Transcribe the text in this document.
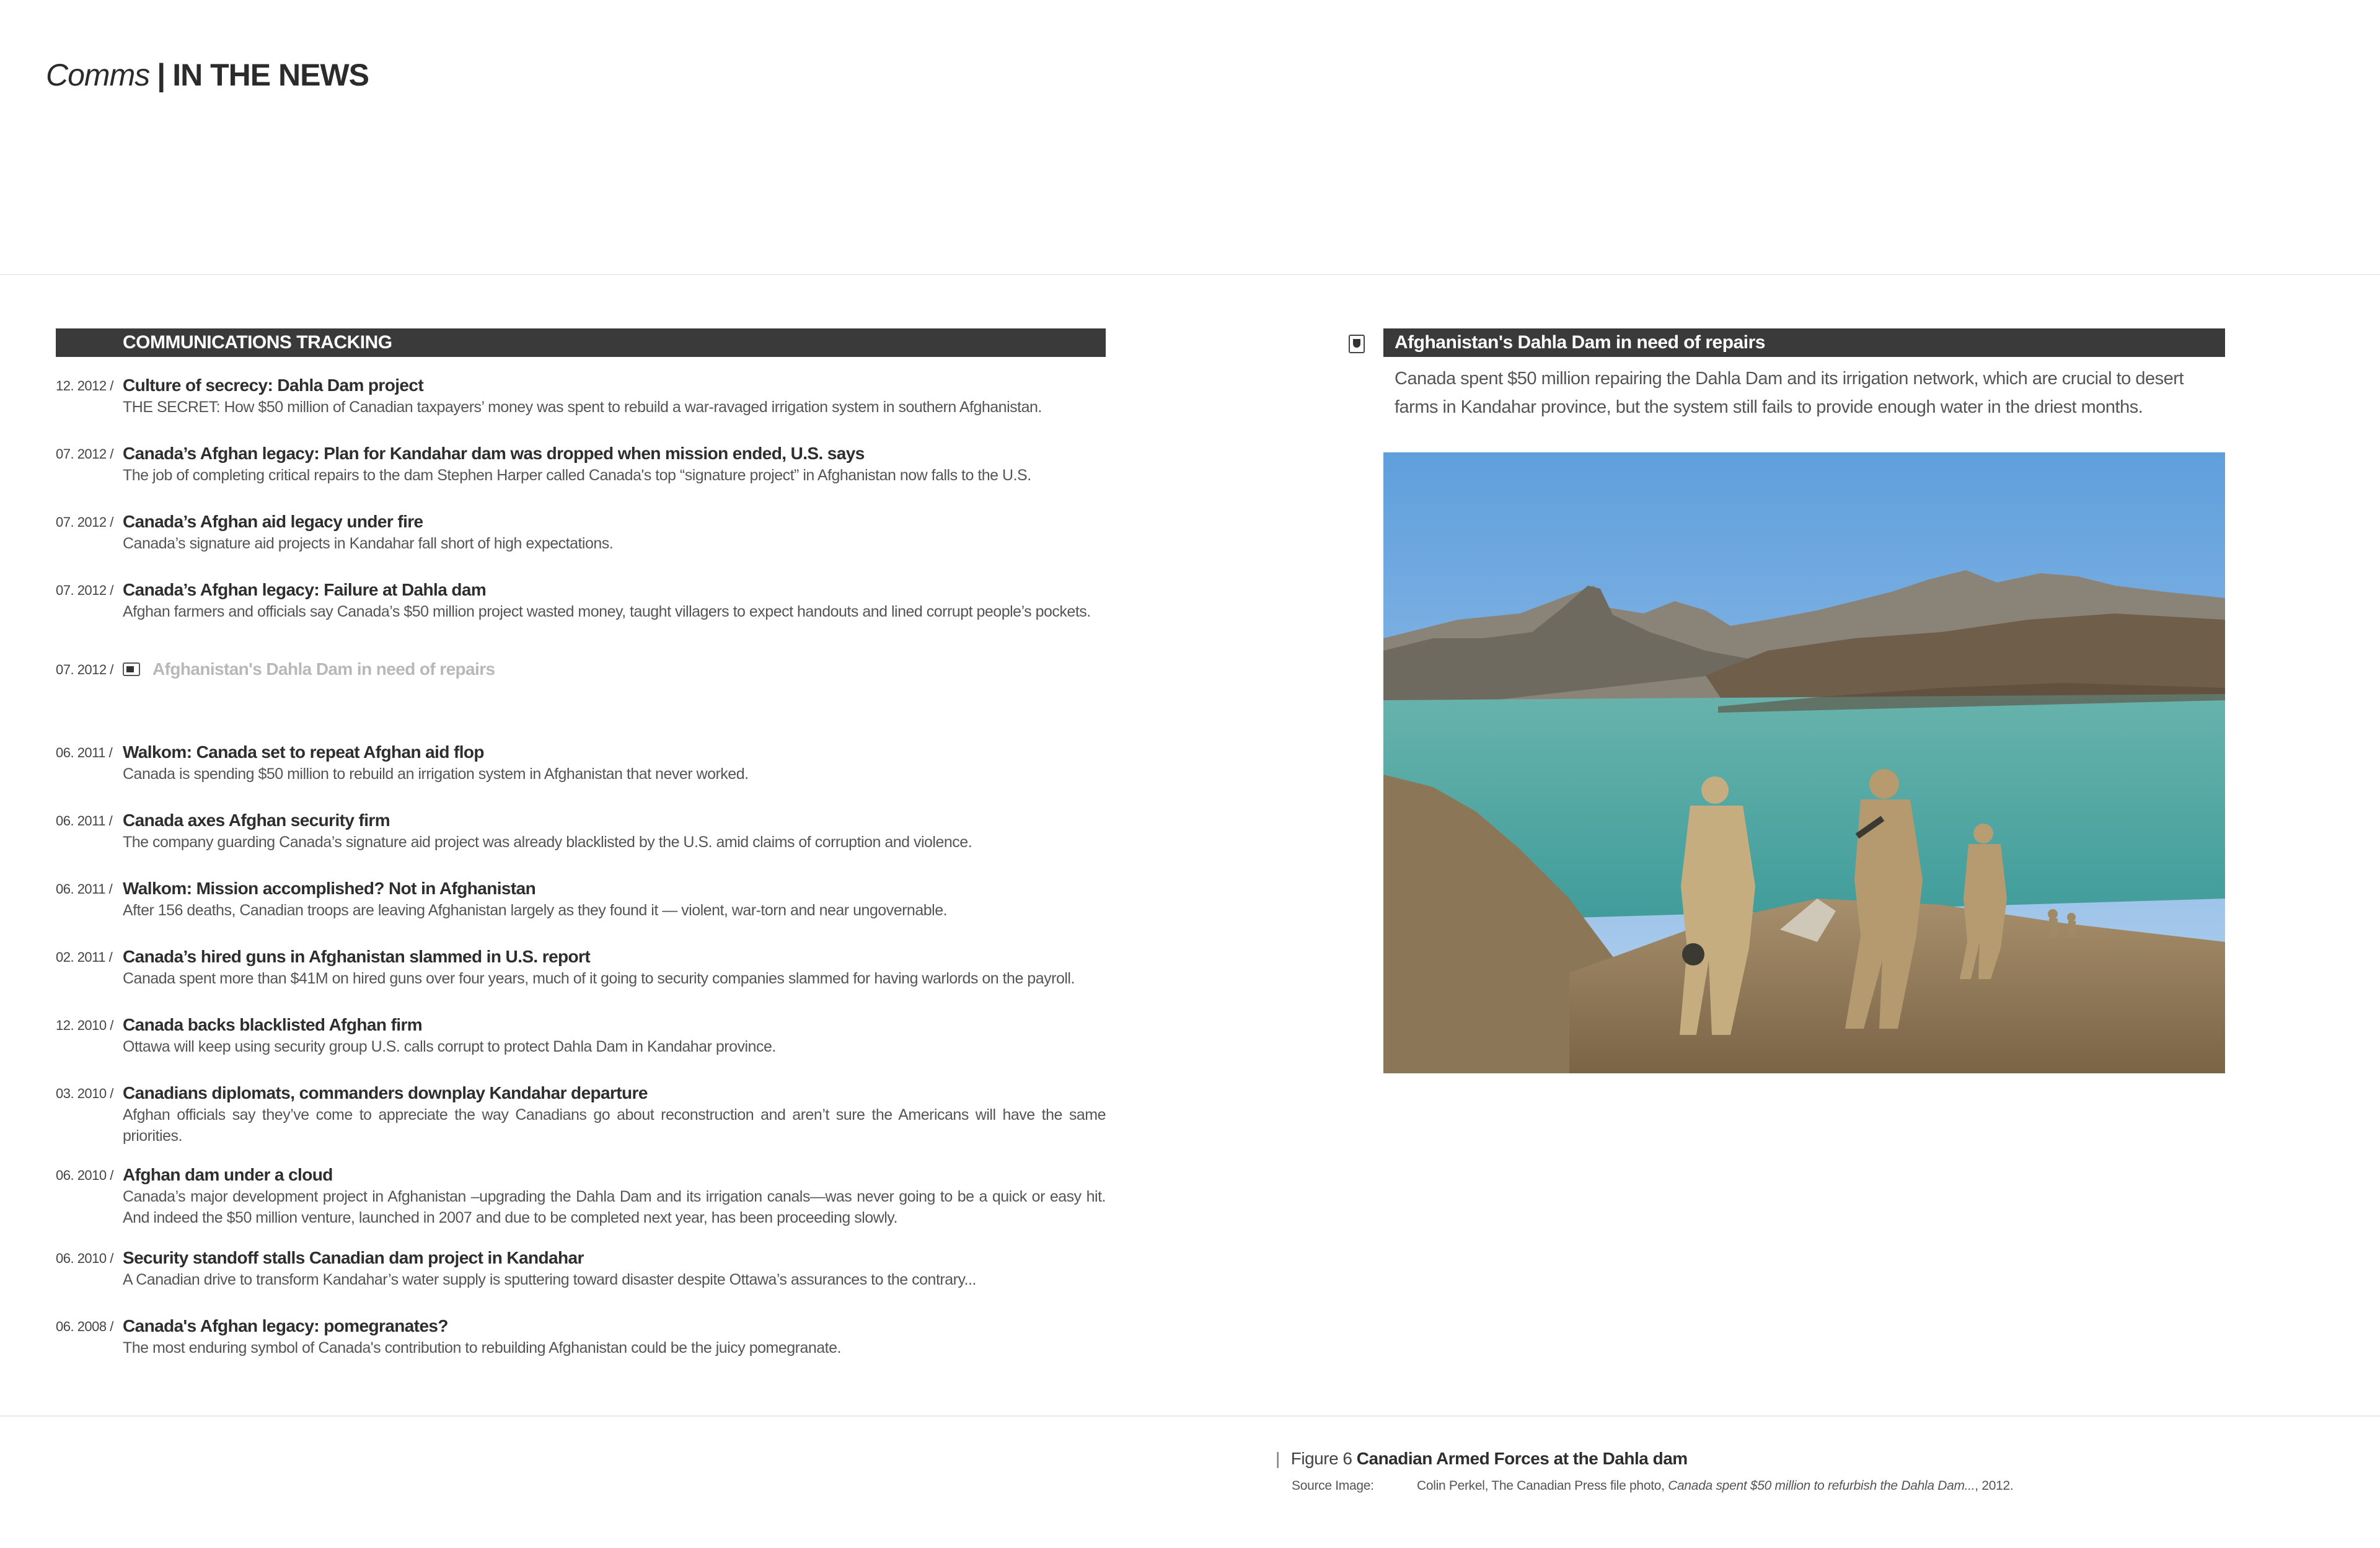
Comms | IN THE NEWS
COMMUNICATIONS TRACKING
12. 2012 / Culture of secrecy: Dahla Dam project
THE SECRET: How $50 million of Canadian taxpayers’ money was spent to rebuild a war-ravaged irrigation system in southern Afghanistan.
07. 2012 / Canada’s Afghan legacy: Plan for Kandahar dam was dropped when mission ended, U.S. says
The job of completing critical repairs to the dam Stephen Harper called Canada's top “signature project” in Afghanistan now falls to the U.S.
07. 2012 / Canada’s Afghan aid legacy under fire
Canada’s signature aid projects in Kandahar fall short of high expectations.
07. 2012 / Canada’s Afghan legacy: Failure at Dahla dam
Afghan farmers and officials say Canada’s $50 million project wasted money, taught villagers to expect handouts and lined corrupt people’s pockets.
07. 2012 / Afghanistan's Dahla Dam in need of repairs
06. 2011 / Walkom: Canada set to repeat Afghan aid flop
Canada is spending $50 million to rebuild an irrigation system in Afghanistan that never worked.
06. 2011 / Canada axes Afghan security firm
The company guarding Canada’s signature aid project was already blacklisted by the U.S. amid claims of corruption and violence.
06. 2011 / Walkom: Mission accomplished? Not in Afghanistan
After 156 deaths, Canadian troops are leaving Afghanistan largely as they found it — violent, war-torn and near ungovernable.
02. 2011 / Canada’s hired guns in Afghanistan slammed in U.S. report
Canada spent more than $41M on hired guns over four years, much of it going to security companies slammed for having warlords on the payroll.
12. 2010 / Canada backs blacklisted Afghan firm
Ottawa will keep using security group U.S. calls corrupt to protect Dahla Dam in Kandahar province.
03. 2010 / Canadians diplomats, commanders downplay Kandahar departure
Afghan officials say they’ve come to appreciate the way Canadians go about reconstruction and aren’t sure the Americans will have the same priorities.
06. 2010 / Afghan dam under a cloud
Canada’s major development project in Afghanistan –upgrading the Dahla Dam and its irrigation canals—was never going to be a quick or easy hit. And indeed the $50 million venture, launched in 2007 and due to be completed next year, has been proceeding slowly.
06. 2010 / Security standoff stalls Canadian dam project in Kandahar
A Canadian drive to transform Kandahar’s water supply is sputtering toward disaster despite Ottawa’s assurances to the contrary...
06. 2008 / Canada's Afghan legacy: pomegranates?
The most enduring symbol of Canada's contribution to rebuilding Afghanistan could be the juicy pomegranate.
Afghanistan's Dahla Dam in need of repairs
Canada spent $50 million repairing the Dahla Dam and its irrigation network, which are crucial to desert farms in Kandahar province, but the system still fails to provide enough water in the driest months.
| Figure 6 Canadian Armed Forces at the Dahla dam
Source Image:	Colin Perkel, The Canadian Press file photo, Canada spent $50 million to refurbish the Dahla Dam..., 2012.
